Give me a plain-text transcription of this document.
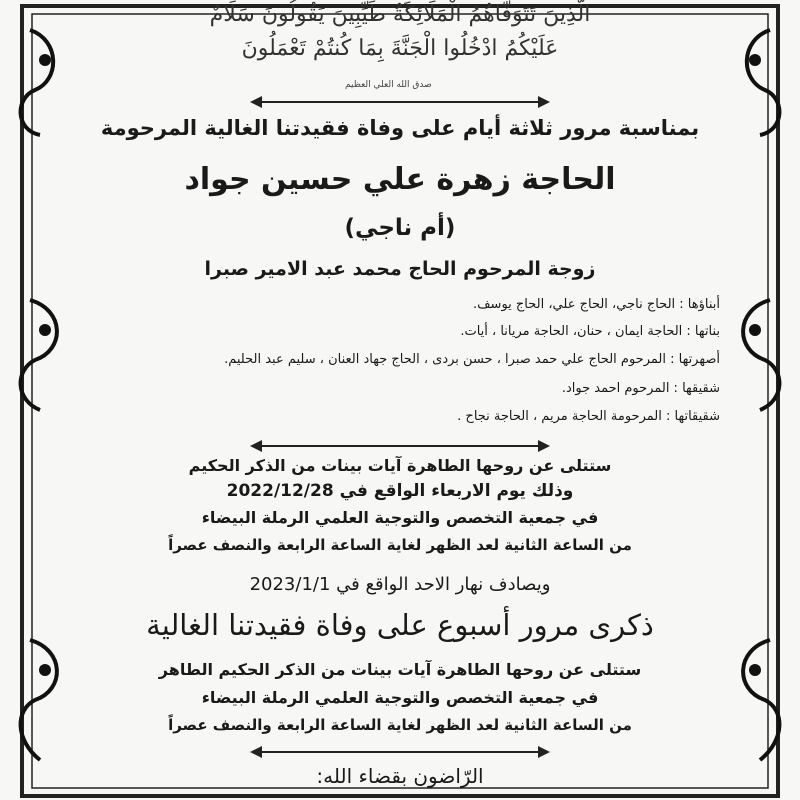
الَّذِينَ تَتَوَفَّاهُمُ الْمَلَائِكَةُ طَيِّبِينَ يَقُولُونَ سَلَامٌ
عَلَيْكُمُ ادْخُلُوا الْجَنَّةَ بِمَا كُنتُمْ تَعْمَلُونَ
صدق الله العلي العظيم
بمناسبة مرور ثلاثة أيام على وفاة فقيدتنا الغالية المرحومة
الحاجة زهرة علي حسين جواد
(أم ناجي)
زوجة المرحوم الحاج محمد عبد الامير صبرا
أبناؤها : الحاج ناجي، الحاج علي، الحاج يوسف.
بناتها : الحاجة ايمان ، حنان، الحاجة مريانا ، أيات.
أصهرتها : المرحوم الحاج علي حمد صبرا ، حسن بردى ، الحاج جهاد العنان ، سليم عبد الحليم.
شقيقها : المرحوم احمد جواد.
شقيقاتها : المرحومة الحاجة مريم ، الحاجة نجاح .
ستتلى عن روحها الطاهرة آيات بينات من الذكر الحكيم
وذلك يوم الاربعاء الواقع في 2022/12/28
في جمعية التخصص والتوجية العلمي الرملة البيضاء
من الساعة الثانية لعد الظهر لغاية الساعة الرابعة والنصف عصراً
ويصادف نهار الاحد الواقع في 2023/1/1
ذكرى مرور أسبوع على وفاة فقيدتنا الغالية
ستتلى عن روحها الطاهرة آيات بينات من الذكر الحكيم الطاهر
في جمعية التخصص والتوجية العلمي الرملة البيضاء
من الساعة الثانية لعد الظهر لغاية الساعة الرابعة والنصف عصراً
الرّاضون بقضاء الله:
